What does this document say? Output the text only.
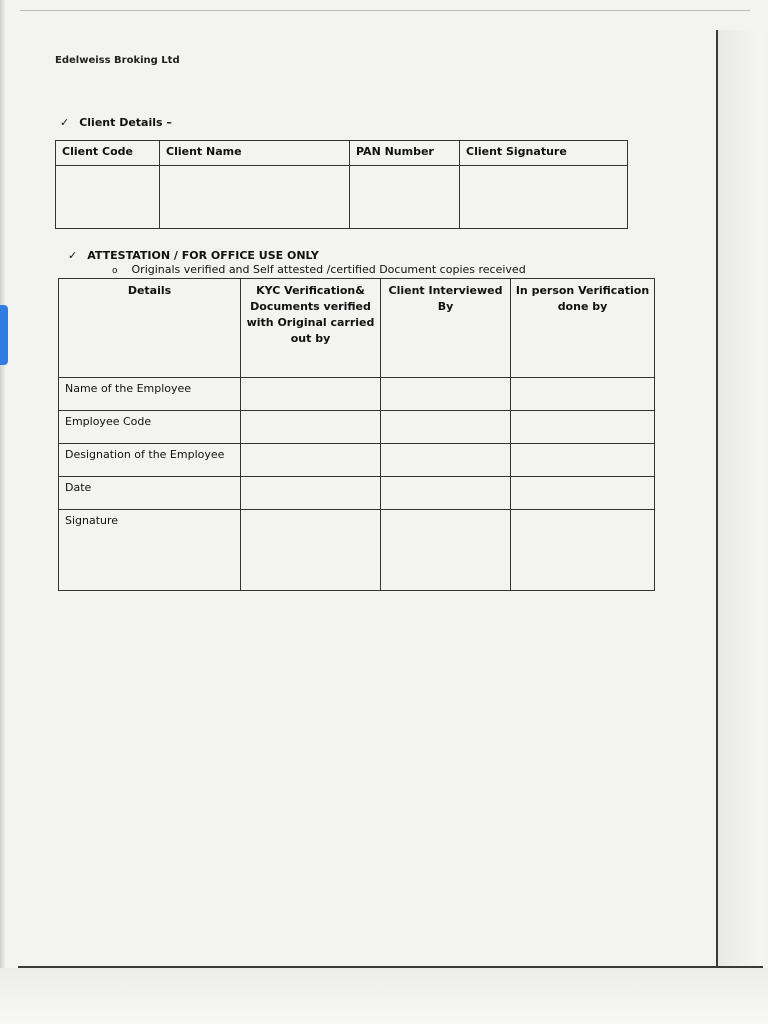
Edelweiss Broking Ltd
✓ Client Details –
Client Code	Client Name	PAN Number	Client Signature

✓ ATTESTATION / FOR OFFICE USE ONLY
o Originals verified and Self attested /certified Document copies received
Details	KYC Verification& Documents verified with Original carried out by	Client Interviewed By	In person Verification done by
Name of the Employee			
Employee Code			
Designation of the Employee			
Date			
Signature			
